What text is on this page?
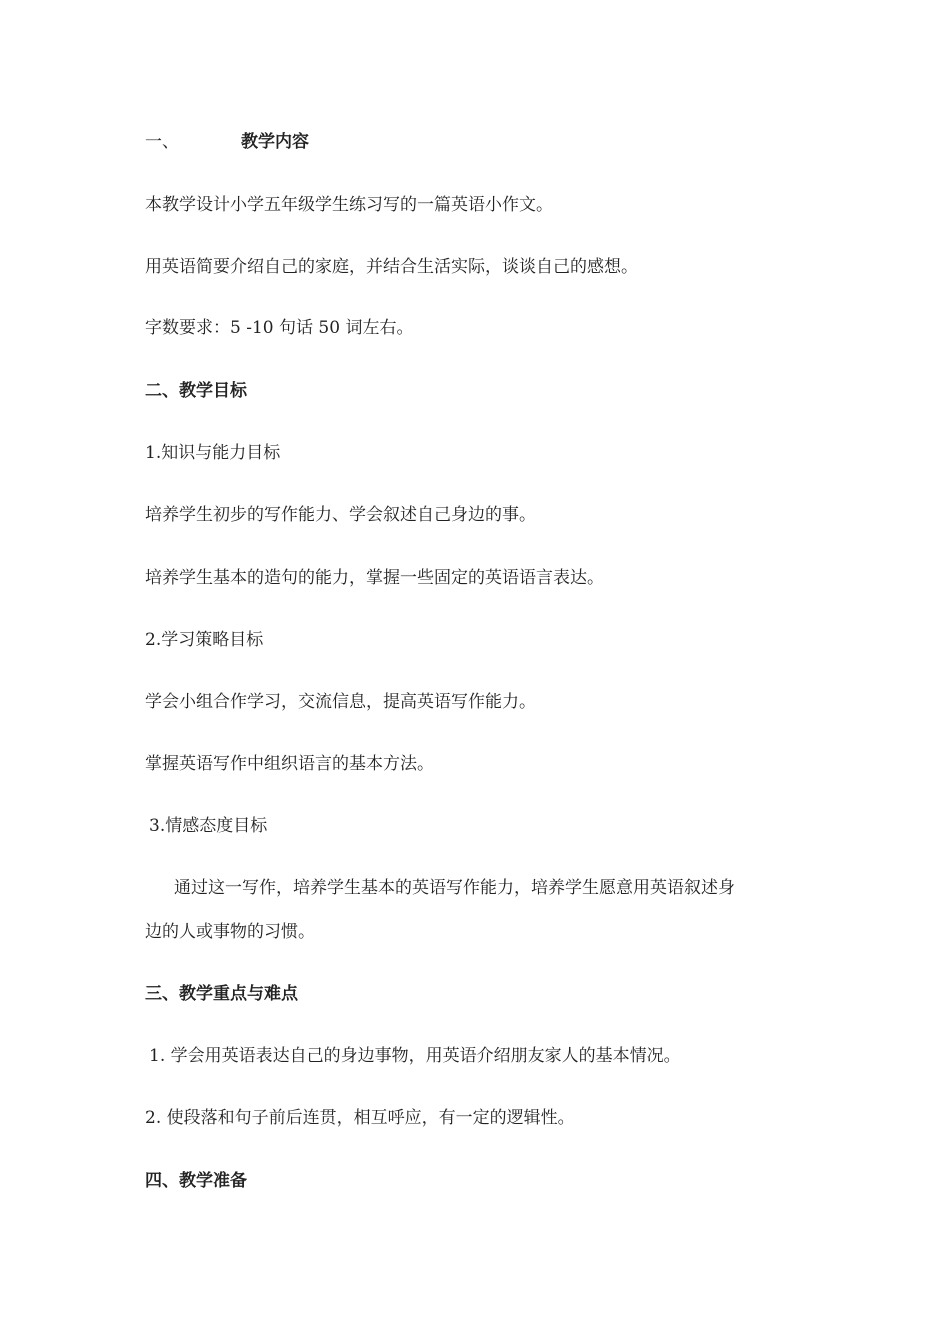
一、	教学内容
本教学设计小学五年级学生练习写的一篇英语小作文。
用英语简要介绍自己的家庭，并结合生活实际，谈谈自己的感想。
字数要求：5 -10 句话 50 词左右。
二、教学目标
1.知识与能力目标
培养学生初步的写作能力、学会叙述自己身边的事。
培养学生基本的造句的能力，掌握一些固定的英语语言表达。
2.学习策略目标
学会小组合作学习，交流信息，提高英语写作能力。
掌握英语写作中组织语言的基本方法。
3.情感态度目标
通过这一写作，培养学生基本的英语写作能力，培养学生愿意用英语叙述身
边的人或事物的习惯。
三、教学重点与难点
1. 学会用英语表达自己的身边事物，用英语介绍朋友家人的基本情况。
2. 使段落和句子前后连贯，相互呼应，有一定的逻辑性。
四、教学准备
